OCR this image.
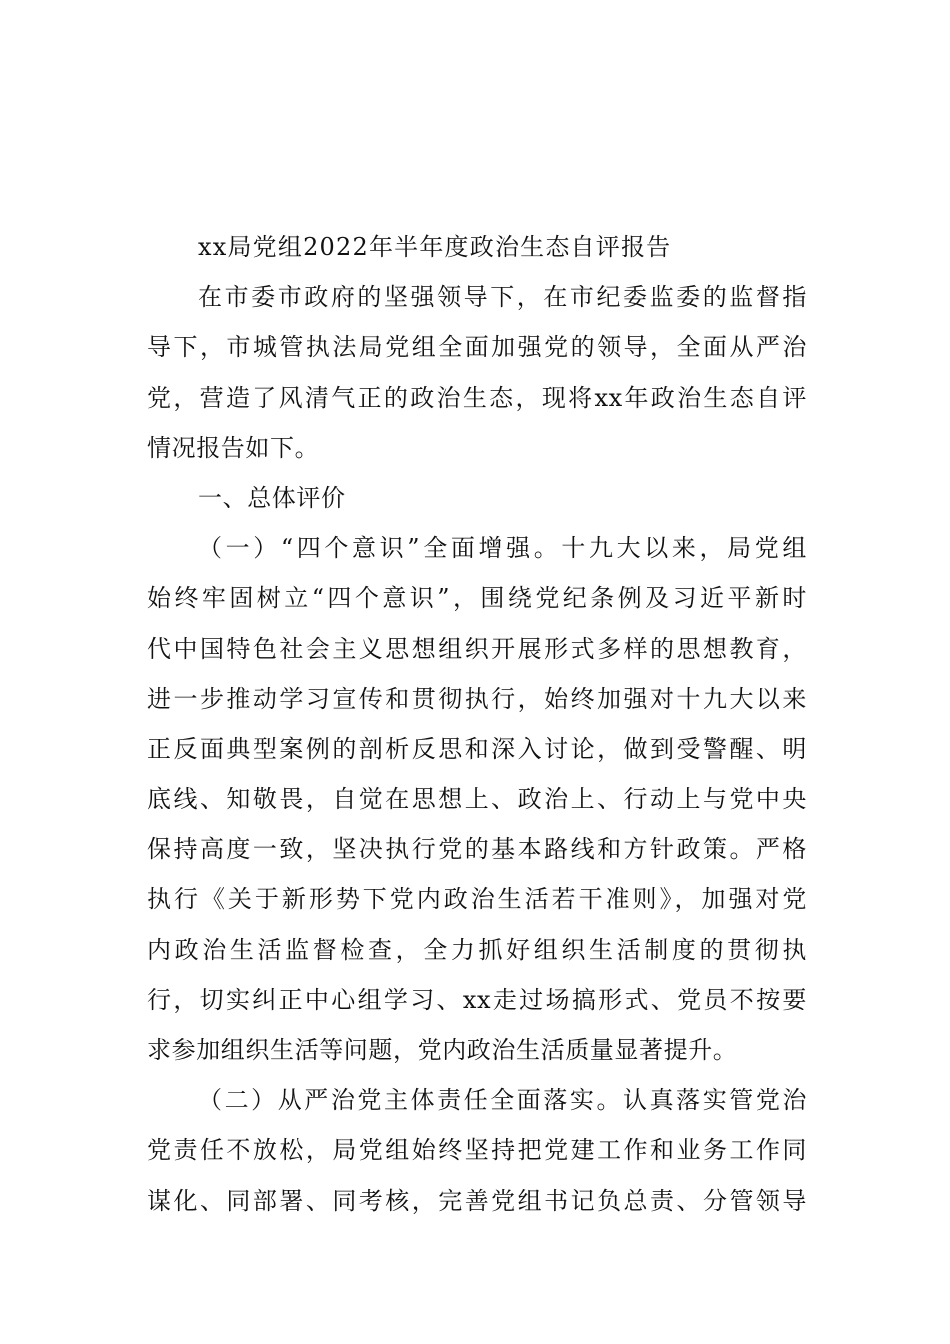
xx局党组2022年半年度政治生态自评报告
在市委市政府的坚强领导下，在市纪委监委的监督指
导下，市城管执法局党组全面加强党的领导，全面从严治
党，营造了风清气正的政治生态，现将xx年政治生态自评
情况报告如下。
一、总体评价
（一）“四个意识”全面增强。十九大以来，局党组
始终牢固树立“四个意识”，围绕党纪条例及习近平新时
代中国特色社会主义思想组织开展形式多样的思想教育，
进一步推动学习宣传和贯彻执行，始终加强对十九大以来
正反面典型案例的剖析反思和深入讨论，做到受警醒、明
底线、知敬畏，自觉在思想上、政治上、行动上与党中央
保持高度一致，坚决执行党的基本路线和方针政策。严格
执行《关于新形势下党内政治生活若干准则》，加强对党
内政治生活监督检查，全力抓好组织生活制度的贯彻执
行，切实纠正中心组学习、xx走过场搞形式、党员不按要
求参加组织生活等问题，党内政治生活质量显著提升。
（二）从严治党主体责任全面落实。认真落实管党治
党责任不放松，局党组始终坚持把党建工作和业务工作同
谋化、同部署、同考核，完善党组书记负总责、分管领导
